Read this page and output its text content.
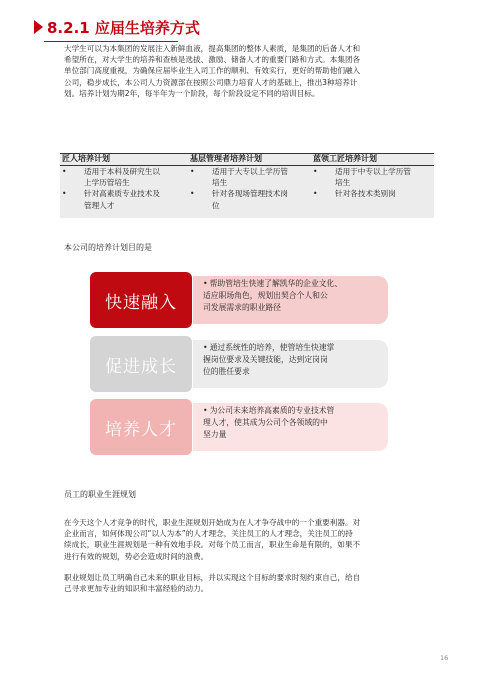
8.2.1 应届生培养方式
大学生可以为本集团的发展注入新鲜血液，提高集团的整体人素质，是集团的后备人才和
希望所在，对大学生的培养和查核是选拔、激励、储备人才的重要门路和方式。本集团各
单位部门高度重视，为确保应届毕业生入司工作的顺利、有效实行，更好的帮助他们融入
公司，稳步成长，本公司人力资源部在按照公司鼎力培育人才的基础上，推出3种培养计
划。培养计划为期2年，每半年为一个阶段，每个阶段设定不同的培训目标。
匠人培养计划
• 适用于本科及研究生以
上学历管培生
• 针对高素质专业技术及
管理人才
基层管理者培养计划
• 适用于大专以上学历管
培生
• 针对各现场管理技术岗
位
蓝领工匠培养计划
• 适用于中专以上学历管
培生
• 针对各技术类别岗
本公司的培养计划目的是
快速融入
• 帮助管培生快速了解凯华的企业文化、
适应职场角色，规划出契合个人和公
司发展需求的职业路径
促进成长
• 通过系统性的培养，使管培生快速掌
握岗位要求及关键技能，达到定岗岗
位的胜任要求
培养人才
• 为公司未来培养高素质的专业技术管
理人才，使其成为公司个各领域的中
坚力量
员工的职业生涯规划
在今天这个人才竞争的时代，职业生涯规划开始成为在人才争夺战中的一个重要利器。对
企业而言，如何体现公司“以人为本”的人才理念，关注员工的人才理念，关注员工的持
续成长，职业生涯规划是一种有效地手段。对每个员工而言，职业生命是有限的，如果不
进行有效的规划，势必会造成时间的浪费。
职业规划让员工明确自己未来的职业目标，并以实现这个目标的要求时刻约束自己，给自
己寻求更加专业的知识和丰富经验的动力。
16
